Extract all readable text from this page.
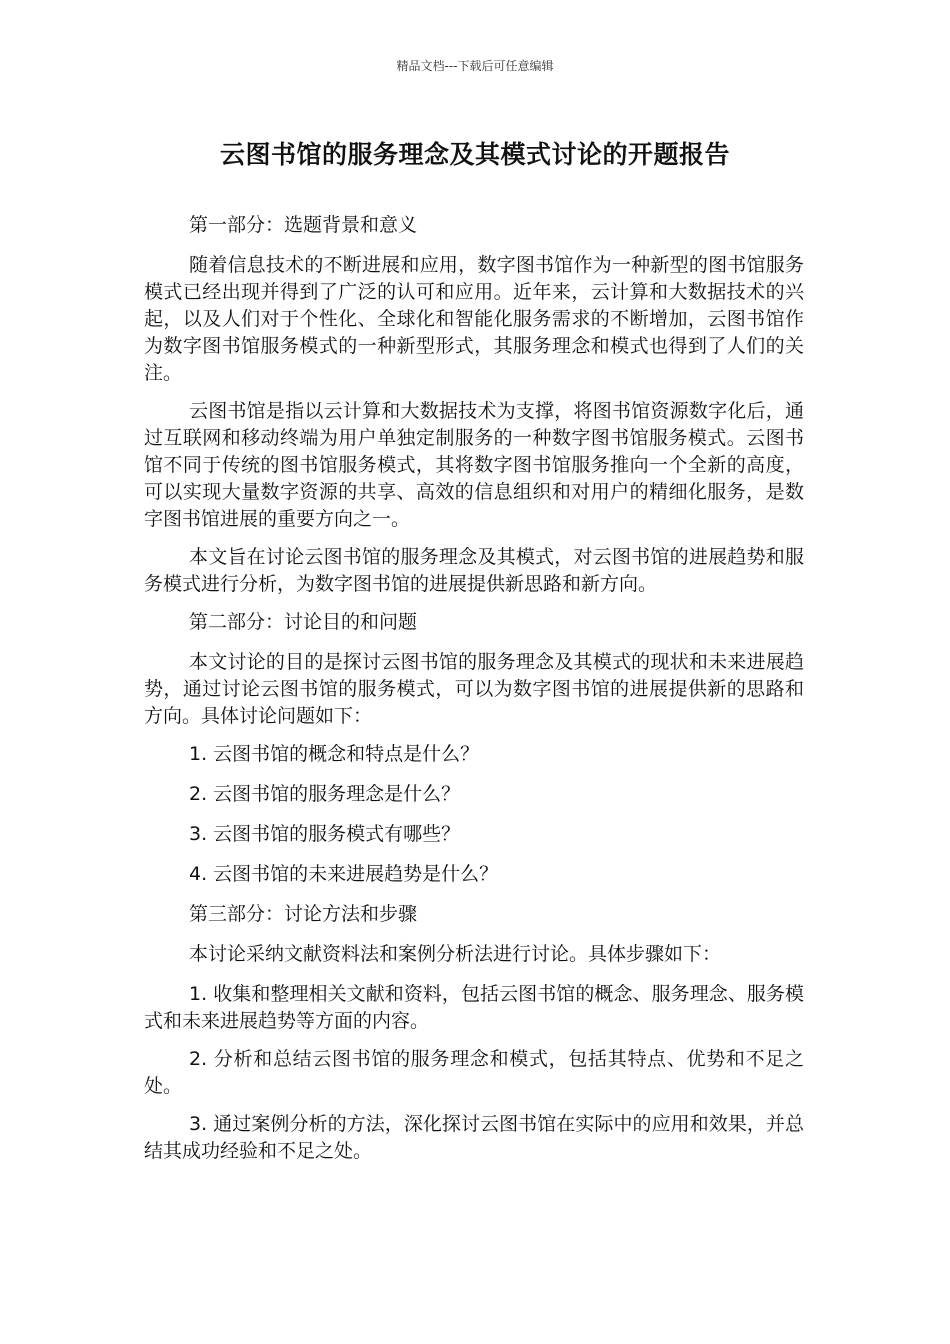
精品文档---下载后可任意编辑
云图书馆的服务理念及其模式讨论的开题报告

第一部分：选题背景和意义

随着信息技术的不断进展和应用，数字图书馆作为一种新型的图书馆服务模式已经出现并得到了广泛的认可和应用。近年来，云计算和大数据技术的兴起，以及人们对于个性化、全球化和智能化服务需求的不断增加，云图书馆作为数字图书馆服务模式的一种新型形式，其服务理念和模式也得到了人们的关注。

云图书馆是指以云计算和大数据技术为支撑，将图书馆资源数字化后，通过互联网和移动终端为用户单独定制服务的一种数字图书馆服务模式。云图书馆不同于传统的图书馆服务模式，其将数字图书馆服务推向一个全新的高度，可以实现大量数字资源的共享、高效的信息组织和对用户的精细化服务，是数字图书馆进展的重要方向之一。

本文旨在讨论云图书馆的服务理念及其模式，对云图书馆的进展趋势和服务模式进行分析，为数字图书馆的进展提供新思路和新方向。

第二部分：讨论目的和问题

本文讨论的目的是探讨云图书馆的服务理念及其模式的现状和未来进展趋势，通过讨论云图书馆的服务模式，可以为数字图书馆的进展提供新的思路和方向。具体讨论问题如下：

1. 云图书馆的概念和特点是什么？

2. 云图书馆的服务理念是什么？

3. 云图书馆的服务模式有哪些？

4. 云图书馆的未来进展趋势是什么？

第三部分：讨论方法和步骤

本讨论采纳文献资料法和案例分析法进行讨论。具体步骤如下：

1. 收集和整理相关文献和资料，包括云图书馆的概念、服务理念、服务模式和未来进展趋势等方面的内容。

2. 分析和总结云图书馆的服务理念和模式，包括其特点、优势和不足之处。

3. 通过案例分析的方法，深化探讨云图书馆在实际中的应用和效果，并总结其成功经验和不足之处。
